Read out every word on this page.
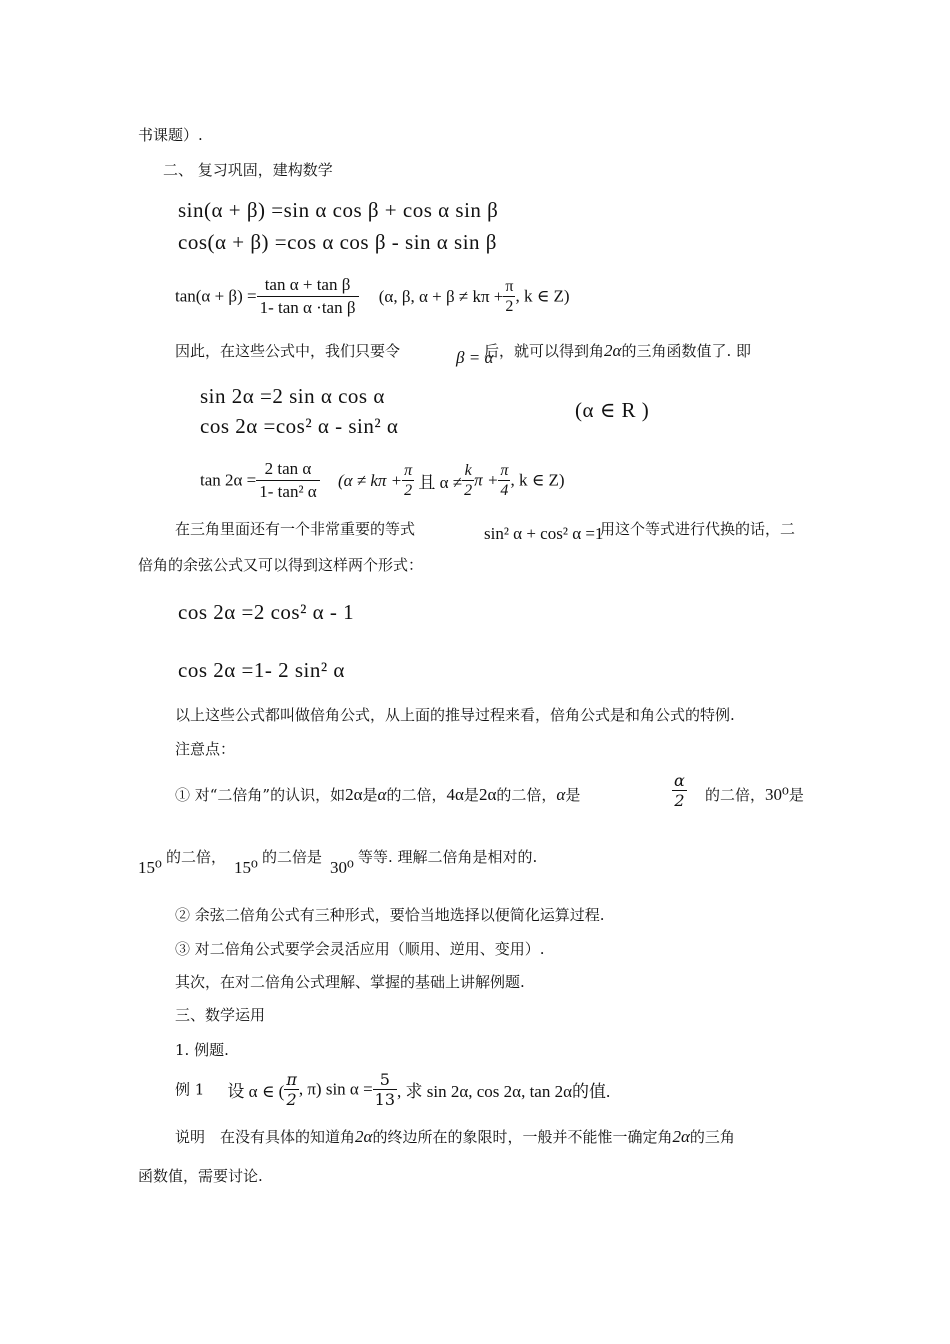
书课题）.
二、 复习巩固，建构数学
sin(α + β) =sin α cos β + cos α sin β
cos(α + β) =cos α cos β - sin α sin β
$\tan(\alpha + \beta) = \frac{\text{tan α + tan β}}{\text{1- tan α ·tan β}} (\alpha$, β, $\alpha + \beta \ne k\pi + \frac{\pi}{2}$ , k ∈ Z)
因此，在这些公式中，我们只要令	β = α
后，就可以得到角2α的三角函数值了. 即
sin 2α =2 sin α cos α
cos 2α =cos² α - sin² α
(α ∈ R )
$\tan 2\alpha = \frac{\text{2 tan α}}{\text{1- tan² α}} (\alpha \ne k\pi + \frac{\pi}{2}$ 且 $\alpha \ne \frac{k}{2}$ $\pi + \frac{\pi}{4}$ , k ∈ Z)
在三角里面还有一个非常重要的等式	sin² α + cos² α =1
用这个等式进行代换的话，二
倍角的余弦公式又可以得到这样两个形式：
cos 2α =2 cos² α - 1
cos 2α =1- 2 sin² α
以上这些公式都叫做倍角公式，从上面的推导过程来看，倍角公式是和角公式的特例.
注意点：
① 对“二倍角”的认识，如2α是α的二倍，4α是2α的二倍，α是	$\frac{\alpha}{2}$ 的二倍，30⁰是
15⁰
的二倍，
15⁰
的二倍是
30⁰
等等. 理解二倍角是相对的.
② 余弦二倍角公式有三种形式，要恰当地选择以便简化运算过程.
③ 对二倍角公式要学会灵活应用（顺用、逆用、变用）.
其次，在对二倍角公式理解、掌握的基础上讲解例题.
三、数学运用
1. 例题.
例 1 设 α ∈ ( $\frac{\pi}{2}$ , π) $\sin \alpha = \frac{5}{13}$ , 求 sin 2α, cos 2α, tan 2α的值.
说明　在没有具体的知道角2α的终边所在的象限时，一般并不能惟一确定角2α的三角
函数值，需要讨论.
